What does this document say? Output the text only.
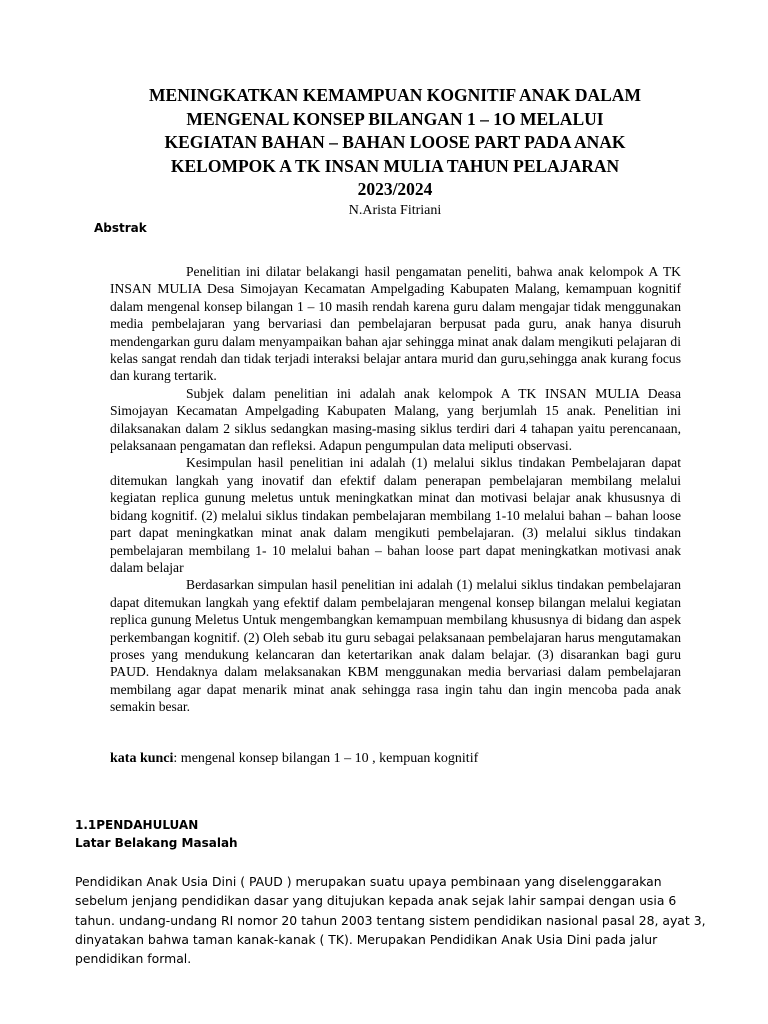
MENINGKATKAN KEMAMPUAN KOGNITIF ANAK DALAM
MENGENAL KONSEP BILANGAN 1 – 1O MELALUI
KEGIATAN BAHAN – BAHAN LOOSE PART PADA ANAK
KELOMPOK A TK INSAN MULIA TAHUN PELAJARAN
2023/2024

N.Arista Fitriani

Abstrak

Penelitian ini dilatar belakangi hasil pengamatan peneliti, bahwa anak kelompok A TK INSAN MULIA Desa Simojayan Kecamatan Ampelgading Kabupaten Malang, kemampuan kognitif dalam mengenal konsep bilangan 1 – 10 masih rendah karena guru dalam mengajar tidak menggunakan media pembelajaran yang bervariasi dan pembelajaran berpusat pada guru, anak hanya disuruh mendengarkan guru dalam menyampaikan bahan ajar sehingga minat anak dalam mengikuti pelajaran di kelas sangat rendah dan tidak terjadi interaksi belajar antara murid dan guru,sehingga anak kurang focus dan kurang tertarik.

Subjek dalam penelitian ini adalah anak kelompok A TK INSAN MULIA Deasa Simojayan Kecamatan Ampelgading Kabupaten Malang, yang berjumlah 15 anak. Penelitian ini dilaksanakan dalam 2 siklus sedangkan masing-masing siklus terdiri dari 4 tahapan yaitu perencanaan, pelaksanaan pengamatan dan refleksi. Adapun pengumpulan data meliputi observasi.

Kesimpulan hasil penelitian ini adalah (1) melalui siklus tindakan Pembelajaran dapat ditemukan langkah yang inovatif dan efektif dalam penerapan pembelajaran membilang melalui kegiatan replica gunung meletus untuk meningkatkan minat dan motivasi belajar anak khususnya di bidang kognitif. (2) melalui siklus tindakan pembelajaran membilang 1-10 melalui bahan – bahan loose part dapat meningkatkan minat anak dalam mengikuti pembelajaran. (3) melalui siklus tindakan pembelajaran membilang 1- 10 melalui bahan – bahan loose part dapat meningkatkan motivasi anak dalam belajar

Berdasarkan simpulan hasil penelitian ini adalah (1) melalui siklus tindakan pembelajaran dapat ditemukan langkah yang efektif dalam pembelajaran mengenal konsep bilangan melalui kegiatan replica gunung Meletus Untuk mengembangkan kemampuan membilang khususnya di bidang dan aspek perkembangan kognitif. (2) Oleh sebab itu guru sebagai pelaksanaan pembelajaran harus mengutamakan proses yang mendukung kelancaran dan ketertarikan anak dalam belajar. (3) disarankan bagi guru PAUD. Hendaknya dalam melaksanakan KBM menggunakan media bervariasi dalam pembelajaran membilang agar dapat menarik minat anak sehingga rasa ingin tahu dan ingin mencoba pada anak semakin besar.

kata kunci: mengenal konsep bilangan 1 – 10 , kempuan kognitif

1.1PENDAHULUAN

Latar Belakang Masalah

Pendidikan Anak Usia Dini ( PAUD ) merupakan suatu upaya pembinaan yang diselenggarakan sebelum jenjang pendidikan dasar yang ditujukan kepada anak sejak lahir sampai dengan usia 6 tahun. undang-undang RI nomor 20 tahun 2003 tentang sistem pendidikan nasional pasal 28, ayat 3, dinyatakan bahwa taman kanak-kanak ( TK). Merupakan Pendidikan Anak Usia Dini pada jalur pendidikan formal.
